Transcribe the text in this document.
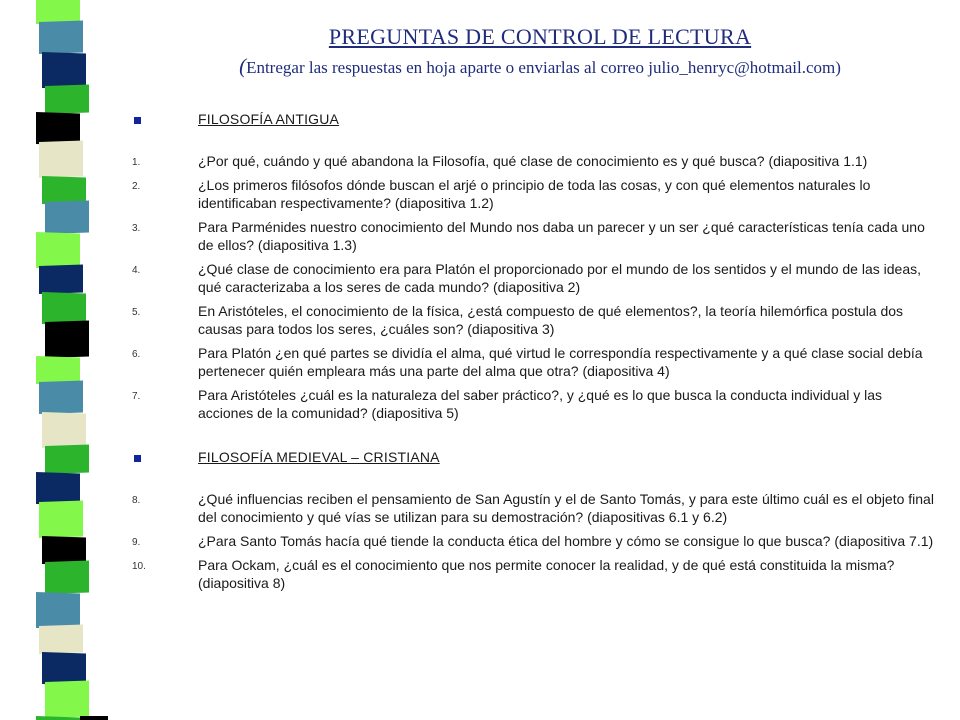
PREGUNTAS DE CONTROL DE LECTURA
(Entregar las respuestas en hoja aparte o enviarlas al correo julio_henryc@hotmail.com)
FILOSOFÍA ANTIGUA
1.	¿Por qué, cuándo y qué abandona la Filosofía, qué clase de conocimiento es y qué busca? (diapositiva 1.1)
2.	¿Los primeros filósofos dónde buscan el arjé o principio de toda las cosas, y con qué elementos naturales lo identificaban respectivamente? (diapositiva 1.2)
3.	Para Parménides nuestro conocimiento del Mundo nos daba un parecer y un ser ¿qué características tenía cada uno de ellos? (diapositiva 1.3)
4.	¿Qué clase de conocimiento era para Platón el proporcionado por el mundo de los sentidos y el mundo de las ideas, qué caracterizaba a los seres de cada mundo? (diapositiva 2)
5.	En Aristóteles, el conocimiento de la física, ¿está compuesto de qué elementos?, la teoría hilemórfica postula dos causas para todos los seres, ¿cuáles son? (diapositiva 3)
6.	Para Platón ¿en qué partes se dividía el alma, qué virtud le correspondía respectivamente y a qué clase social debía pertenecer quién empleara más una parte del alma que otra? (diapositiva 4)
7.	Para Aristóteles ¿cuál es la naturaleza del saber práctico?, y ¿qué es lo que busca la conducta individual y las acciones de la comunidad? (diapositiva 5)
FILOSOFÍA MEDIEVAL – CRISTIANA
8.	¿Qué influencias reciben el pensamiento de San Agustín y el de Santo Tomás, y para este último cuál es el objeto final del conocimiento y qué vías se utilizan para su demostración? (diapositivas 6.1 y 6.2)
9.	¿Para Santo Tomás hacía qué tiende la conducta ética del hombre y cómo se consigue lo que busca? (diapositiva 7.1)
10.	Para Ockam, ¿cuál es el conocimiento que nos permite conocer la realidad, y de qué está constituida la misma? (diapositiva 8)
